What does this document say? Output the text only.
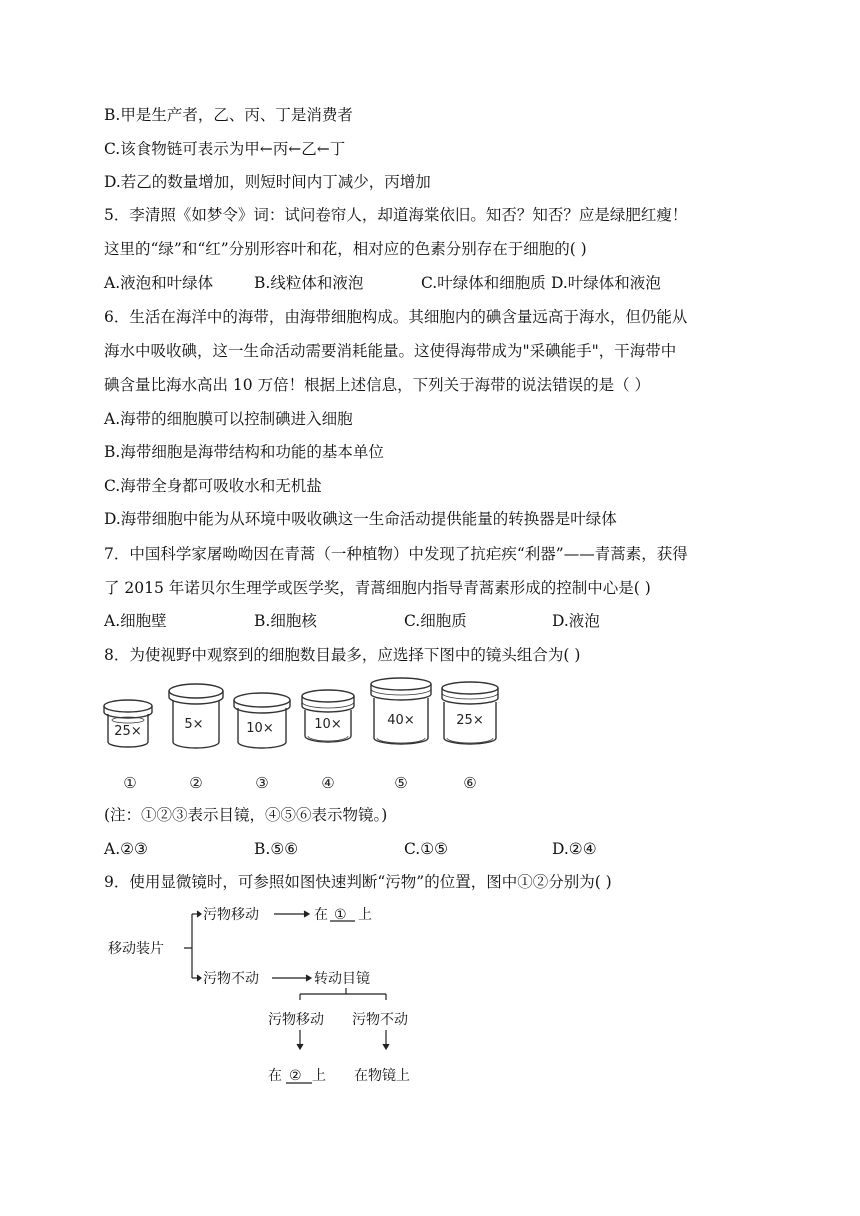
B.甲是生产者，乙、丙、丁是消费者
C.该食物链可表示为甲←丙←乙←丁
D.若乙的数量增加，则短时间内丁减少，丙增加
5．李清照《如梦令》词：试问卷帘人，却道海棠依旧。知否？知否？应是绿肥红瘦！
这里的“绿”和“红”分别形容叶和花，相对应的色素分别存在于细胞的( )
A.液泡和叶绿体	B.线粒体和液泡	C.叶绿体和细胞质 D.叶绿体和液泡
6．生活在海洋中的海带，由海带细胞构成。其细胞内的碘含量远高于海水，但仍能从
海水中吸收碘，这一生命活动需要消耗能量。这使得海带成为"采碘能手"，干海带中
碘含量比海水高出 10 万倍！根据上述信息，下列关于海带的说法错误的是（ ）
A.海带的细胞膜可以控制碘进入细胞
B.海带细胞是海带结构和功能的基本单位
C.海带全身都可吸收水和无机盐
D.海带细胞中能为从环境中吸收碘这一生命活动提供能量的转换器是叶绿体
7．中国科学家屠呦呦因在青蒿（一种植物）中发现了抗疟疾“利器”——青蒿素，获得
了 2015 年诺贝尔生理学或医学奖，青蒿细胞内指导青蒿素形成的控制中心是( )
A.细胞壁	B.细胞核	C.细胞质	D.液泡
8．为使视野中观察到的细胞数目最多，应选择下图中的镜头组合为( )
25×	5×	10×	10×	40×	25×
①	②	③	④	⑤	⑥
(注：①②③表示目镜，④⑤⑥表示物镜。)
A.②③	B.⑤⑥	C.①⑤	D.②④
9．使用显微镜时，可参照如图快速判断“污物”的位置，图中①②分别为( )
移动装片
污物移动	在 ① 上
污物不动	转动目镜
污物移动 污物不动
在 ② 上 在物镜上
